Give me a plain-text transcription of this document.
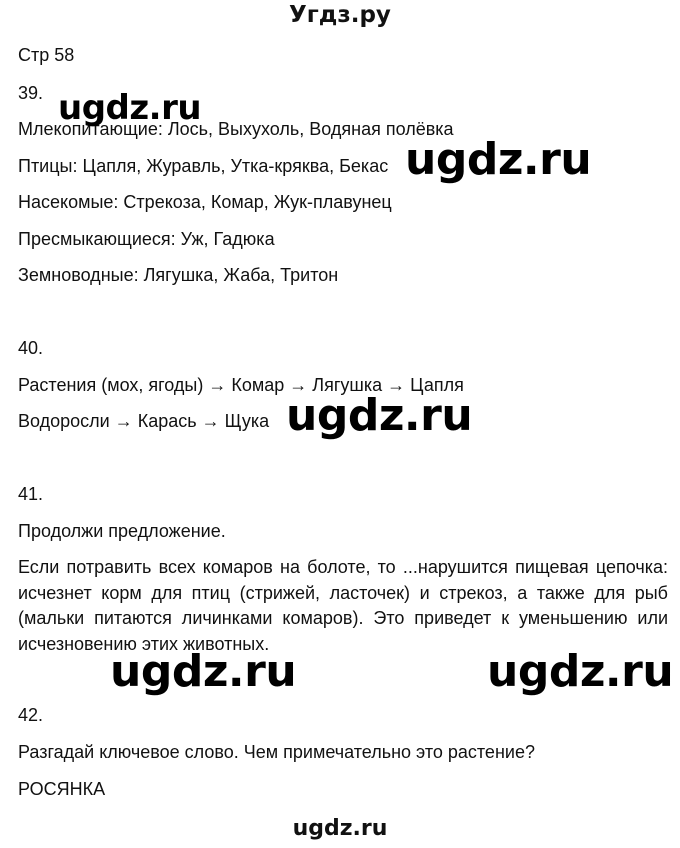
Угдз.ру
Стр 58
39.
Млекопитающие: Лось, Выхухоль, Водяная полёвка
Птицы: Цапля, Журавль, Утка-кряква, Бекас
Насекомые: Стрекоза, Комар, Жук-плавунец
Пресмыкающиеся: Уж, Гадюка
Земноводные: Лягушка, Жаба, Тритон
40.
Растения (мох, ягоды) → Комар → Лягушка → Цапля
Водоросли → Карась → Щука
41.
Продолжи предложение.
Если потравить всех комаров на болоте, то ...нарушится пищевая цепочка: исчезнет корм для птиц (стрижей, ласточек) и стрекоз, а также для рыб (мальки питаются личинками комаров). Это приведет к уменьшению или исчезновению этих животных.
42.
Разгадай ключевое слово. Чем примечательно это растение?
РОСЯНКА
ugdz.ru
ugdz.ru
ugdz.ru
ugdz.ru	ugdz.ru
ugdz.ru
